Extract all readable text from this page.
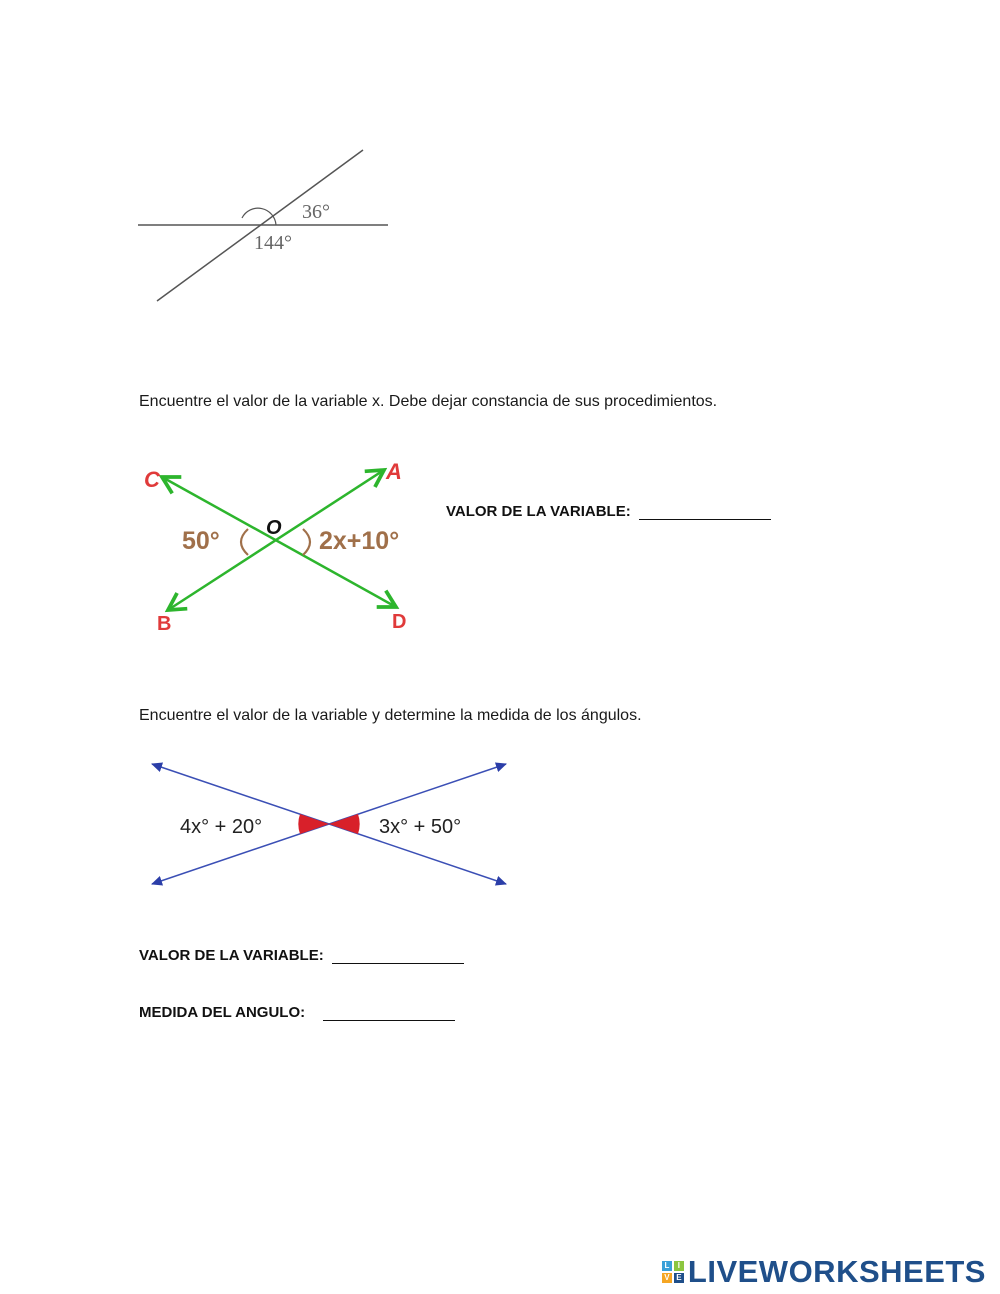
36°
144°
Encuentre el valor de la variable x. Debe dejar constancia de sus procedimientos.
C	A
B	D
O
50°	2x+10°
VALOR DE LA VARIABLE:
Encuentre el valor de la variable y determine la medida de los ángulos.
4x° + 20°	3x° + 50°
VALOR DE LA VARIABLE:
MEDIDA DEL ANGULO:
L	I
V E LIVEWORKSHEETS
